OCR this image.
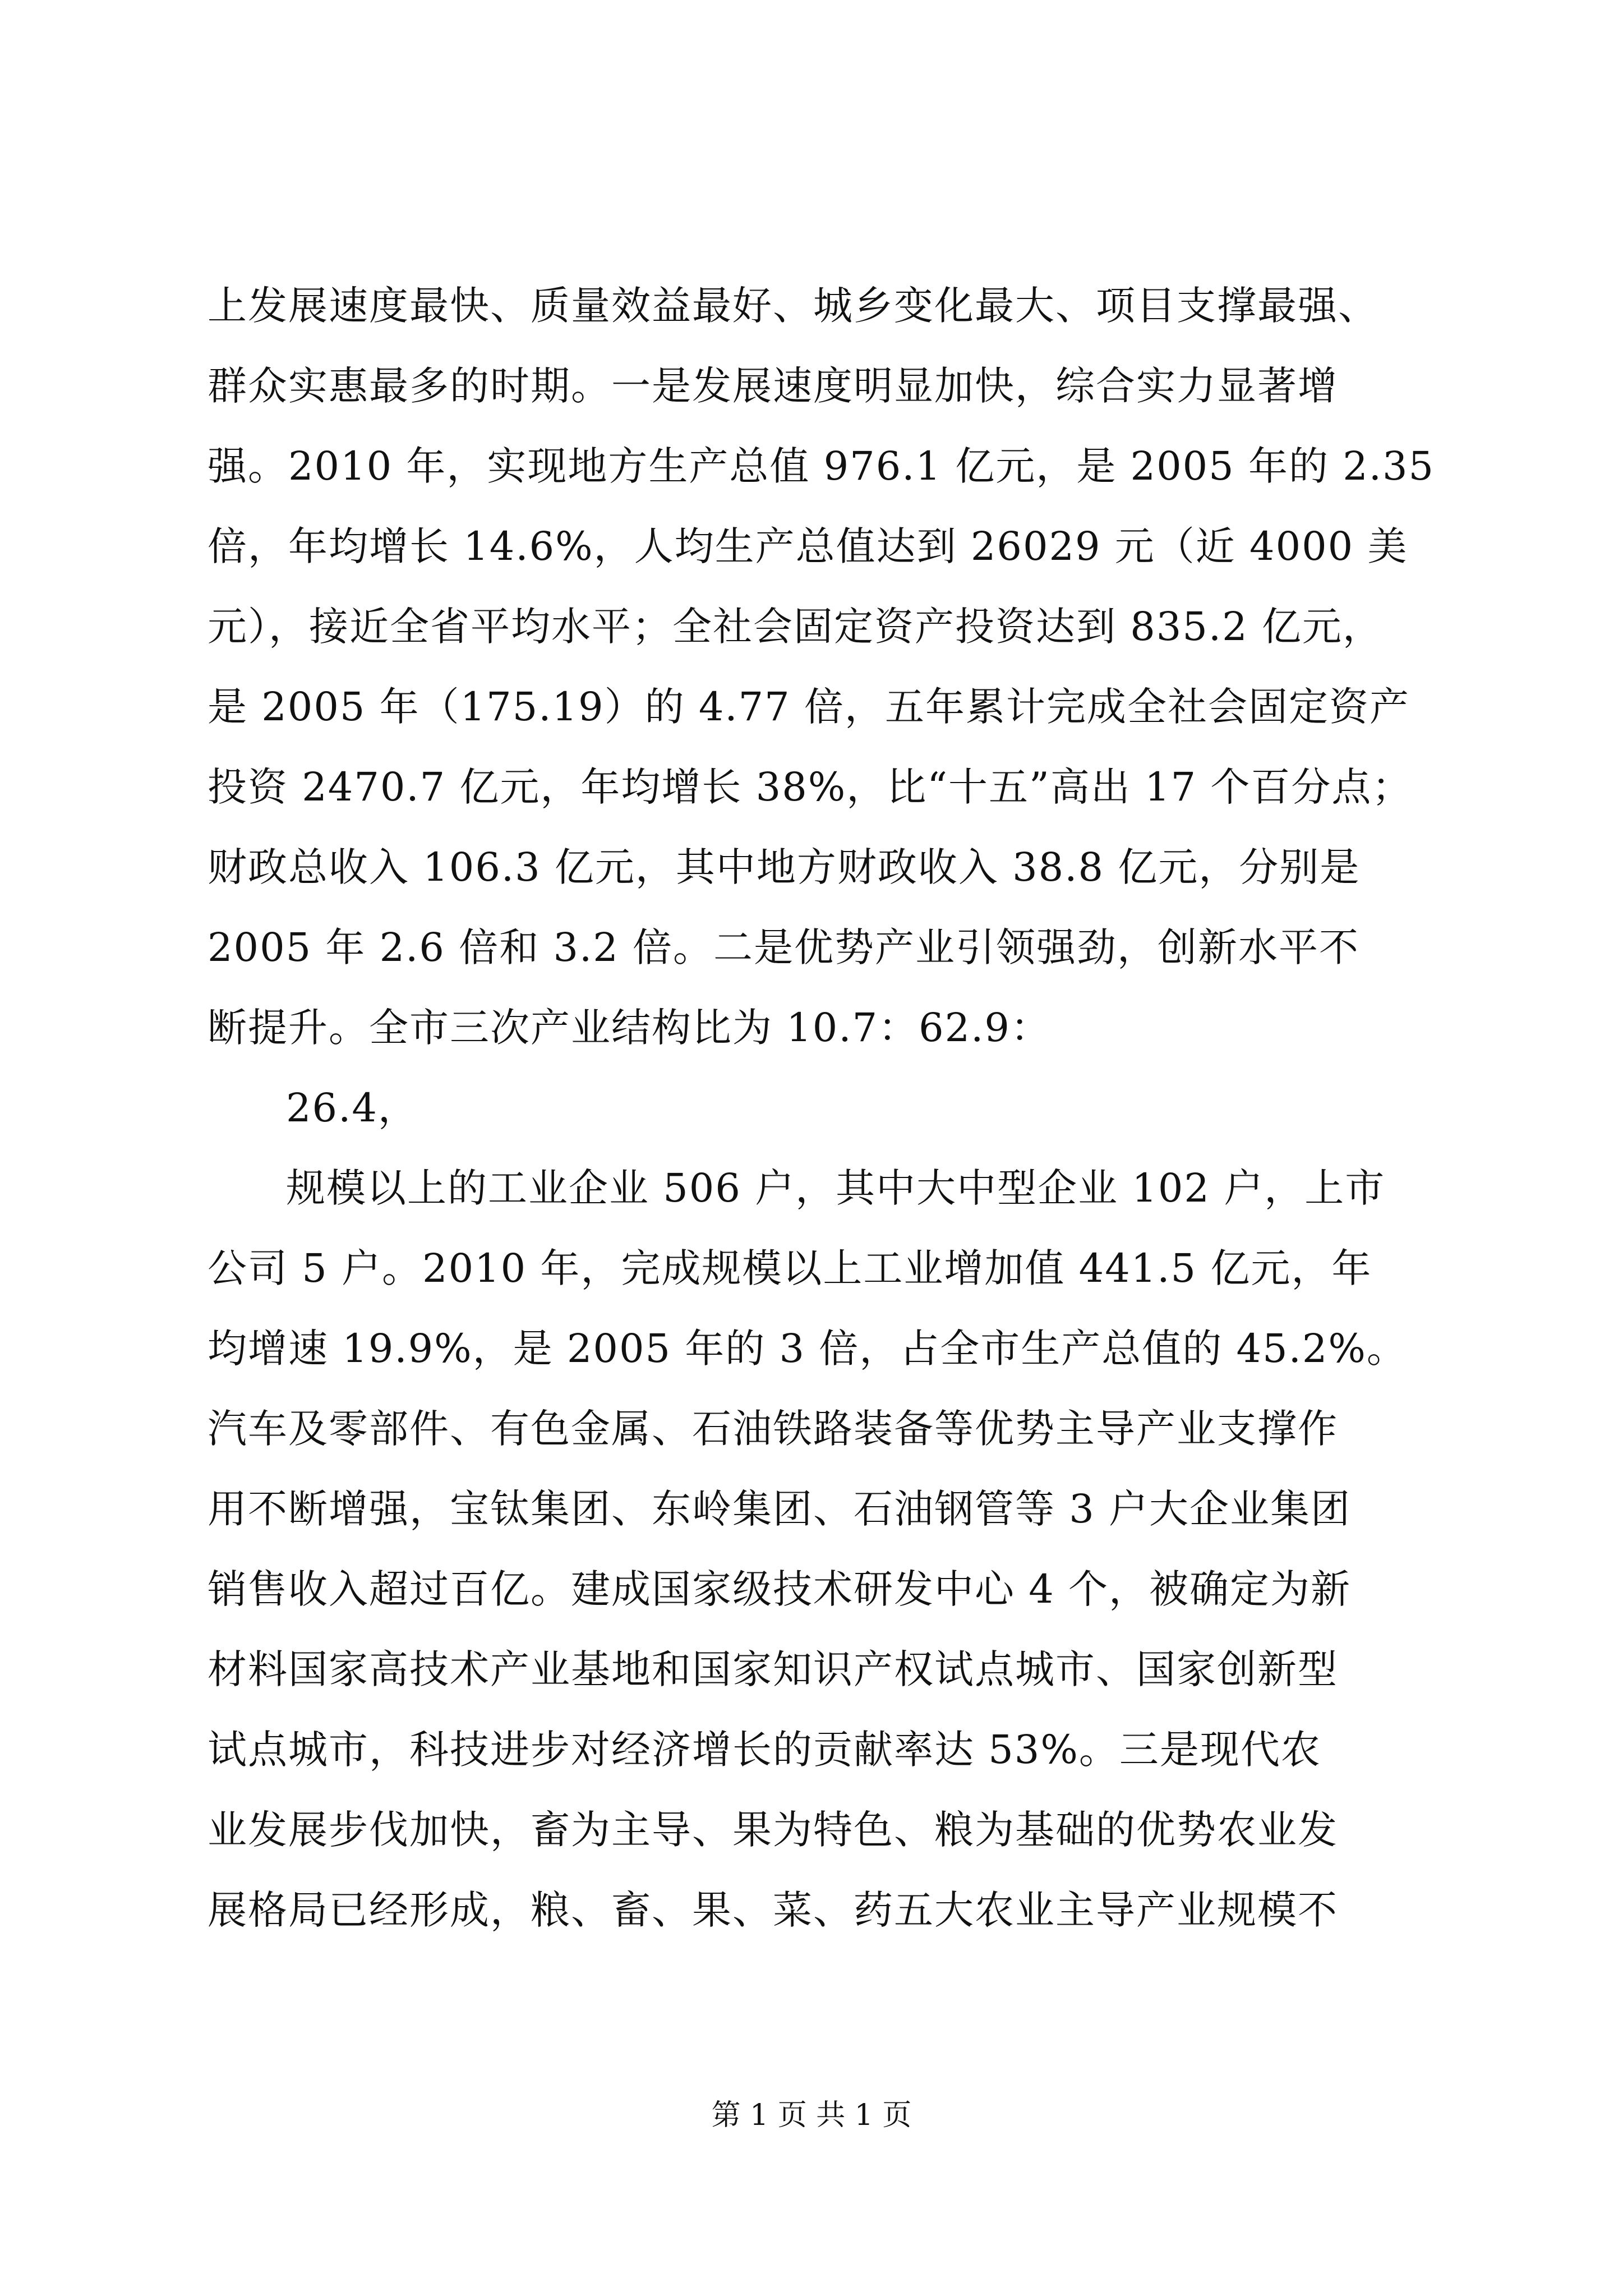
上发展速度最快、质量效益最好、城乡变化最大、项目支撑最强、
群众实惠最多的时期。一是发展速度明显加快，综合实力显著增
强。2010 年，实现地方生产总值 976.1 亿元，是 2005 年的 2.35
倍，年均增长 14.6%，人均生产总值达到 26029 元（近 4000 美
元），接近全省平均水平；全社会固定资产投资达到 835.2 亿元，
是 2005 年（175.19）的 4.77 倍，五年累计完成全社会固定资产
投资 2470.7 亿元，年均增长 38%，比“十五”高出 17 个百分点；
财政总收入 106.3 亿元，其中地方财政收入 38.8 亿元，分别是
2005 年 2.6 倍和 3.2 倍。二是优势产业引领强劲，创新水平不
断提升。全市三次产业结构比为 10.7：62.9：
26.4，
规模以上的工业企业 506 户，其中大中型企业 102 户，上市
公司 5 户。2010 年，完成规模以上工业增加值 441.5 亿元，年
均增速 19.9%，是 2005 年的 3 倍，占全市生产总值的 45.2%。
汽车及零部件、有色金属、石油铁路装备等优势主导产业支撑作
用不断增强，宝钛集团、东岭集团、石油钢管等 3 户大企业集团
销售收入超过百亿。建成国家级技术研发中心 4 个，被确定为新
材料国家高技术产业基地和国家知识产权试点城市、国家创新型
试点城市，科技进步对经济增长的贡献率达 53%。三是现代农
业发展步伐加快，畜为主导、果为特色、粮为基础的优势农业发
展格局已经形成，粮、畜、果、菜、药五大农业主导产业规模不
第 1 页 共 1 页
